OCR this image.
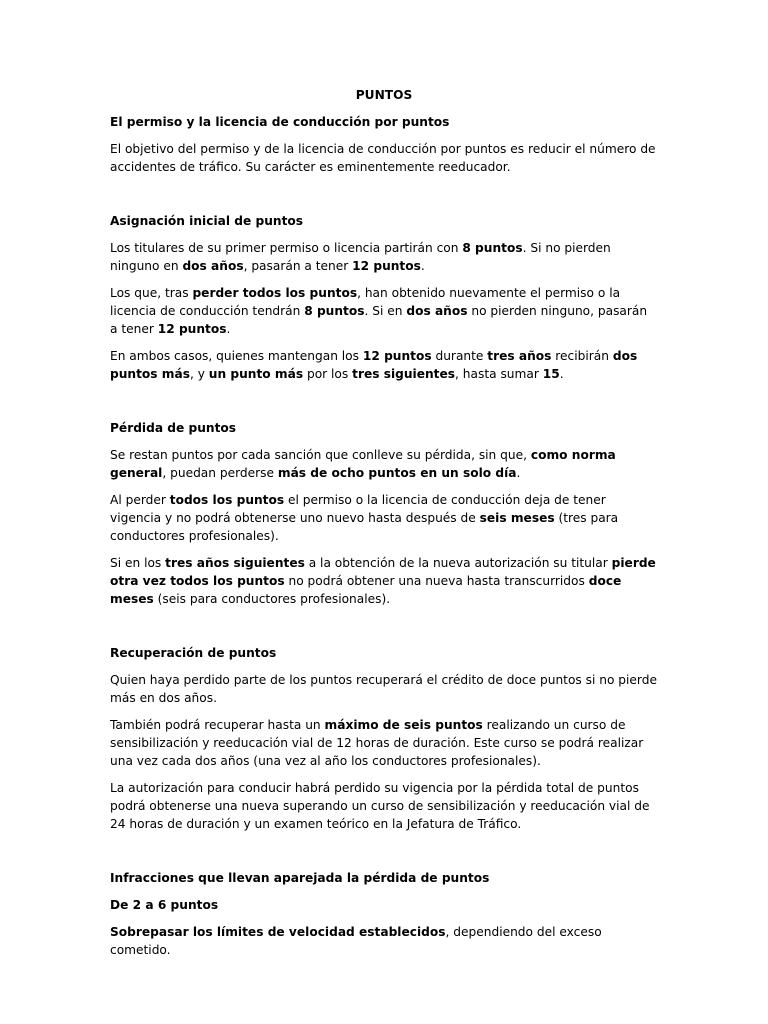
PUNTOS
El permiso y la licencia de conducción por puntos

El objetivo del permiso y de la licencia de conducción por puntos es reducir el número de accidentes de tráfico. Su carácter es eminentemente reeducador.

Asignación inicial de puntos

Los titulares de su primer permiso o licencia partirán con 8 puntos. Si no pierden ninguno en dos años, pasarán a tener 12 puntos.

Los que, tras perder todos los puntos, han obtenido nuevamente el permiso o la licencia de conducción tendrán 8 puntos. Si en dos años no pierden ninguno, pasarán a tener 12 puntos.

En ambos casos, quienes mantengan los 12 puntos durante tres años recibirán dos puntos más, y un punto más por los tres siguientes, hasta sumar 15.

Pérdida de puntos

Se restan puntos por cada sanción que conlleve su pérdida, sin que, como norma general, puedan perderse más de ocho puntos en un solo día.

Al perder todos los puntos el permiso o la licencia de conducción deja de tener vigencia y no podrá obtenerse uno nuevo hasta después de seis meses (tres para conductores profesionales).

Si en los tres años siguientes a la obtención de la nueva autorización su titular pierde otra vez todos los puntos no podrá obtener una nueva hasta transcurridos doce meses (seis para conductores profesionales).

Recuperación de puntos

Quien haya perdido parte de los puntos recuperará el crédito de doce puntos si no pierde más en dos años.

También podrá recuperar hasta un máximo de seis puntos realizando un curso de sensibilización y reeducación vial de 12 horas de duración. Este curso se podrá realizar una vez cada dos años (una vez al año los conductores profesionales).

La autorización para conducir habrá perdido su vigencia por la pérdida total de puntos podrá obtenerse una nueva superando un curso de sensibilización y reeducación vial de 24 horas de duración y un examen teórico en la Jefatura de Tráfico.

Infracciones que llevan aparejada la pérdida de puntos
De 2 a 6 puntos

Sobrepasar los límites de velocidad establecidos, dependiendo del exceso cometido.
